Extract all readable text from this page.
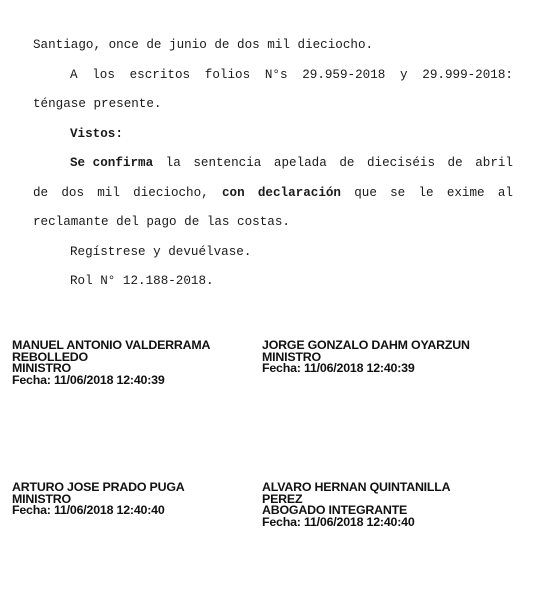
Santiago, once de junio de dos mil dieciocho.
A los escritos folios N°s 29.959-2018 y 29.999-2018:
téngase presente.
Vistos:
Se confirma la sentencia apelada de dieciséis de abril
de dos mil dieciocho, con declaración que se le exime al
reclamante del pago de las costas.
Regístrese y devuélvase.
Rol N° 12.188-2018.
MANUEL ANTONIO VALDERRAMA
REBOLLEDO
MINISTRO
Fecha: 11/06/2018 12:40:39
JORGE GONZALO DAHM OYARZUN
MINISTRO
Fecha: 11/06/2018 12:40:39
ARTURO JOSE PRADO PUGA
MINISTRO
Fecha: 11/06/2018 12:40:40
ALVARO HERNAN QUINTANILLA
PEREZ
ABOGADO INTEGRANTE
Fecha: 11/06/2018 12:40:40
